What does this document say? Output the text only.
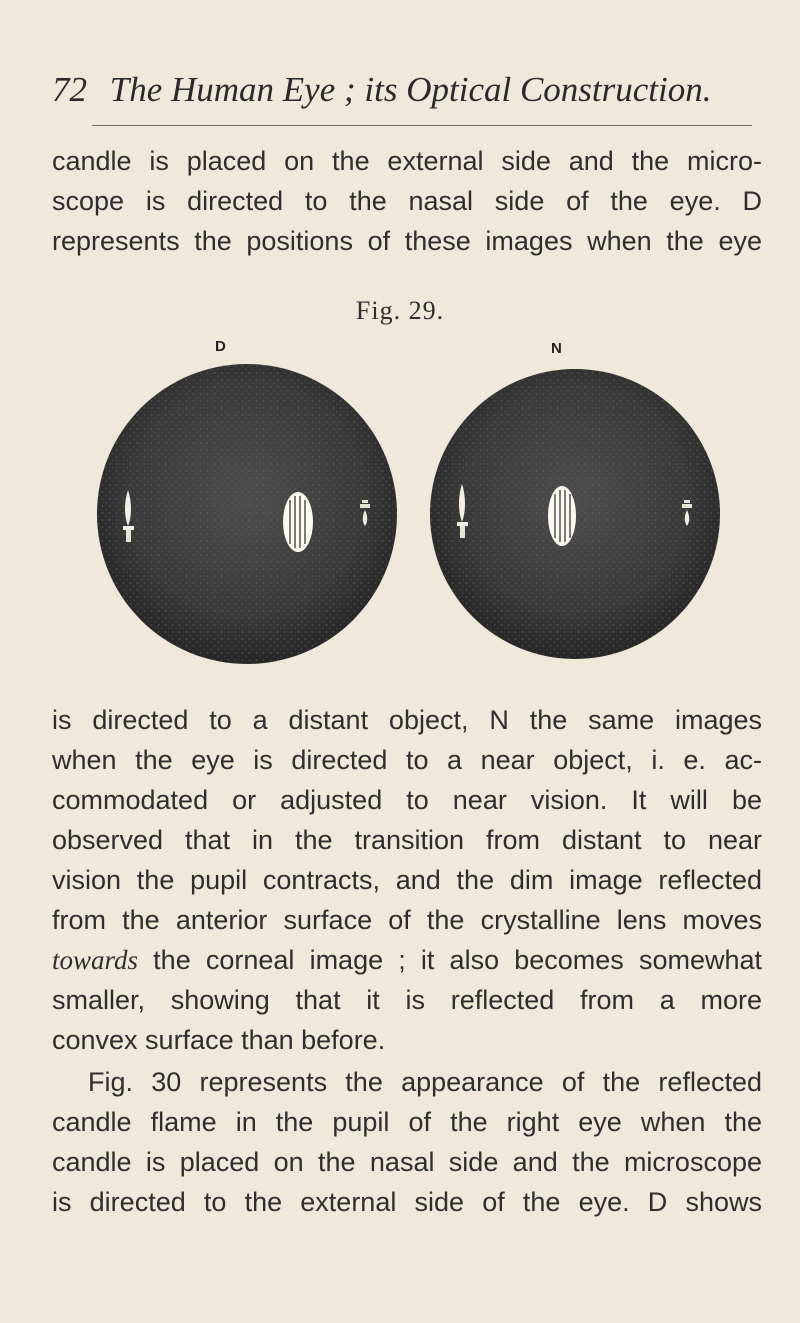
72 The Human Eye ; its Optical Construction.
candle is placed on the external side and the micro-
scope is directed to the nasal side of the eye. D
represents the positions of these images when the eye
Fig. 29.
D	N
is directed to a distant object, N the same images
when the eye is directed to a near object, i. e. ac-
commodated or adjusted to near vision. It will be
observed that in the transition from distant to near
vision the pupil contracts, and the dim image reflected
from the anterior surface of the crystalline lens moves
towards the corneal image ; it also becomes somewhat
smaller, showing that it is reflected from a more
convex surface than before.
Fig. 30 represents the appearance of the reflected
candle flame in the pupil of the right eye when the
candle is placed on the nasal side and the microscope
is directed to the external side of the eye. D shows
